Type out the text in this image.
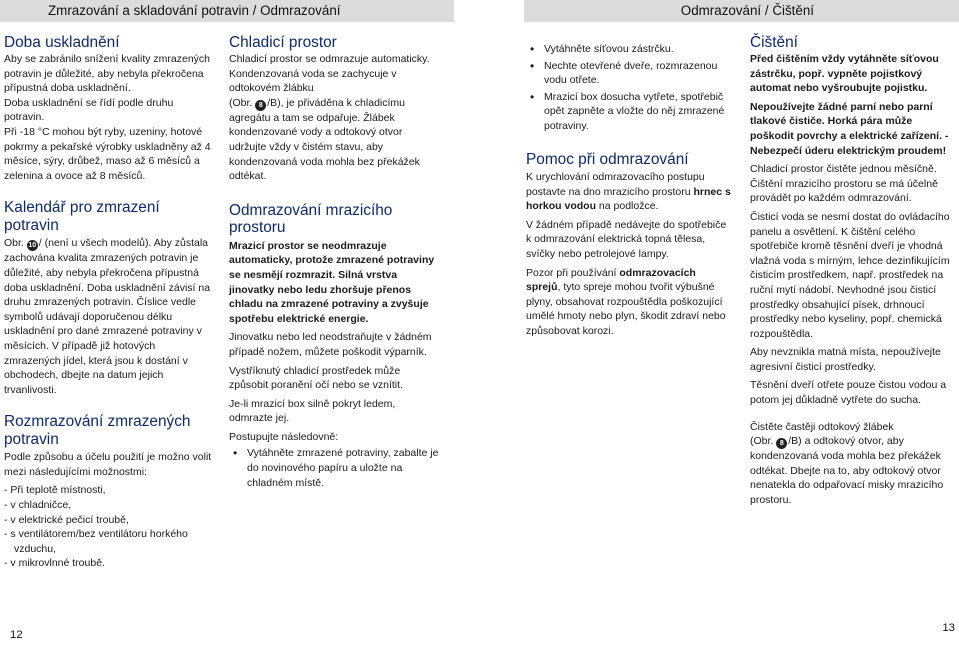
Zmrazování a skladování potravin / Odmrazování	Odmrazování / Čištění
Doba uskladnění

Aby se zabránilo snížení kvality zmrazených potravin je důležité, aby nebyla překročena přípustná doba uskladnění.

Doba uskladnění se řídí podle druhu potravin.

Při -18 °C mohou být ryby, uzeniny, hotové pokrmy a pekařské výrobky uskladněny až 4 měsíce, sýry, drůbež, maso až 6 měsíců a zelenina a ovoce až 8 měsíců.

Kalendář pro zmrazení potravin

Obr. 10 / (není u všech modelů). Aby zůstala zachována kvalita zmrazených potravin je důležité, aby nebyla překročena přípustná doba uskladnění. Doba uskladnění závisí na druhu zmrazených potravin. Číslice vedle symbolů udávají doporučenou délku uskladnění pro dané zmrazené potraviny v měsících. V případě již hotových zmrazených jídel, která jsou k dostání v obchodech, dbejte na datum jejich trvanlivosti.

Rozmrazování zmrazených potravin

Podle způsobu a účelu použití je možno volit mezi následujícími možnostmi:

- Při teplotě místnosti,

- v chladničce,

- v elektrické pečicí troubě,

- s ventilátorem/bez ventilátoru horkého vzduchu,

- v mikrovlnné troubě.

Chladicí prostor

Chladicí prostor se odmrazuje automaticky. Kondenzovaná voda se zachycuje v odtokovém žlábku

(Obr. 8 /B), je přiváděna k chladicímu agregátu a tam se odpařuje. Žlábek kondenzované vody a odtokový otvor udržujte vždy v čistém stavu, aby kondenzovaná voda mohla bez překážek odtékat.

Odmrazování mrazicího prostoru

Mrazicí prostor se neodmrazuje automaticky, protože zmrazené potraviny se nesmějí rozmrazit. Silná vrstva jinovatky nebo ledu zhoršuje přenos chladu na zmrazené potraviny a zvyšuje spotřebu elektrické energie.

Jinovatku nebo led neodstraňujte v žádném případě nožem, můžete poškodit výparník.

Vystříknutý chladicí prostředek může způsobit poranění očí nebo se vznítit.

Je-li mrazicí box silně pokryt ledem, odmrazte jej.

Postupujte následovně:

• Vytáhněte zmrazené potraviny, zabalte je do novinového papíru a uložte na chladném místě.

• Vytáhněte síťovou zástrčku.

• Nechte otevřené dveře, rozmrazenou vodu otřete.

• Mrazicí box dosucha vytřete, spotřebič opět zapněte a vložte do něj zmrazené potraviny.

Pomoc při odmrazování

K urychlování odmrazovacího postupu postavte na dno mrazicího prostoru hrnec s horkou vodou na podložce.

V žádném případě nedávejte do spotřebiče k odmrazování elektrická topná tělesa, svíčky nebo petrolejové lampy.

Pozor při používání odmrazovacích sprejů, tyto spreje mohou tvořit výbušné plyny, obsahovat rozpouštědla poškozující umělé hmoty nebo plyn, škodit zdraví nebo způsobovat korozi.

Čištění

Před čištěním vždy vytáhněte síťovou zástrčku, popř. vypněte pojistkový automat nebo vyšroubujte pojistku.

Nepoužívejte žádné parní nebo parní tlakové čističe. Horká pára může poškodit povrchy a elektrické zařízení. - Nebezpečí úderu elektrickým proudem!

Chladicí prostor čistěte jednou měsíčně. Čištění mrazicího prostoru se má účelně provádět po každém odmrazování.

Čisticí voda se nesmí dostat do ovládacího panelu a osvětlení. K čištění celého spotřebiče kromě těsnění dveří je vhodná vlažná voda s mírným, lehce dezinfikujícím čisticím prostředkem, např. prostředek na ruční mytí nádobí. Nevhodné jsou čisticí prostředky obsahující písek, drhnoucí prostředky nebo kyseliny, popř. chemická rozpouštědla.

Aby nevznikla matná místa, nepoužívejte agresivní čisticí prostředky.

Těsnění dveří otřete pouze čistou vodou a potom jej důkladně vytřete do sucha.

Čistěte častěji odtokový žlábek
(Obr. 8 /B) a odtokový otvor, aby kondenzovaná voda mohla bez překážek odtékat. Dbejte na to, aby odtokový otvor nenatekla do odpařovací misky mrazicího prostoru.

12
13
